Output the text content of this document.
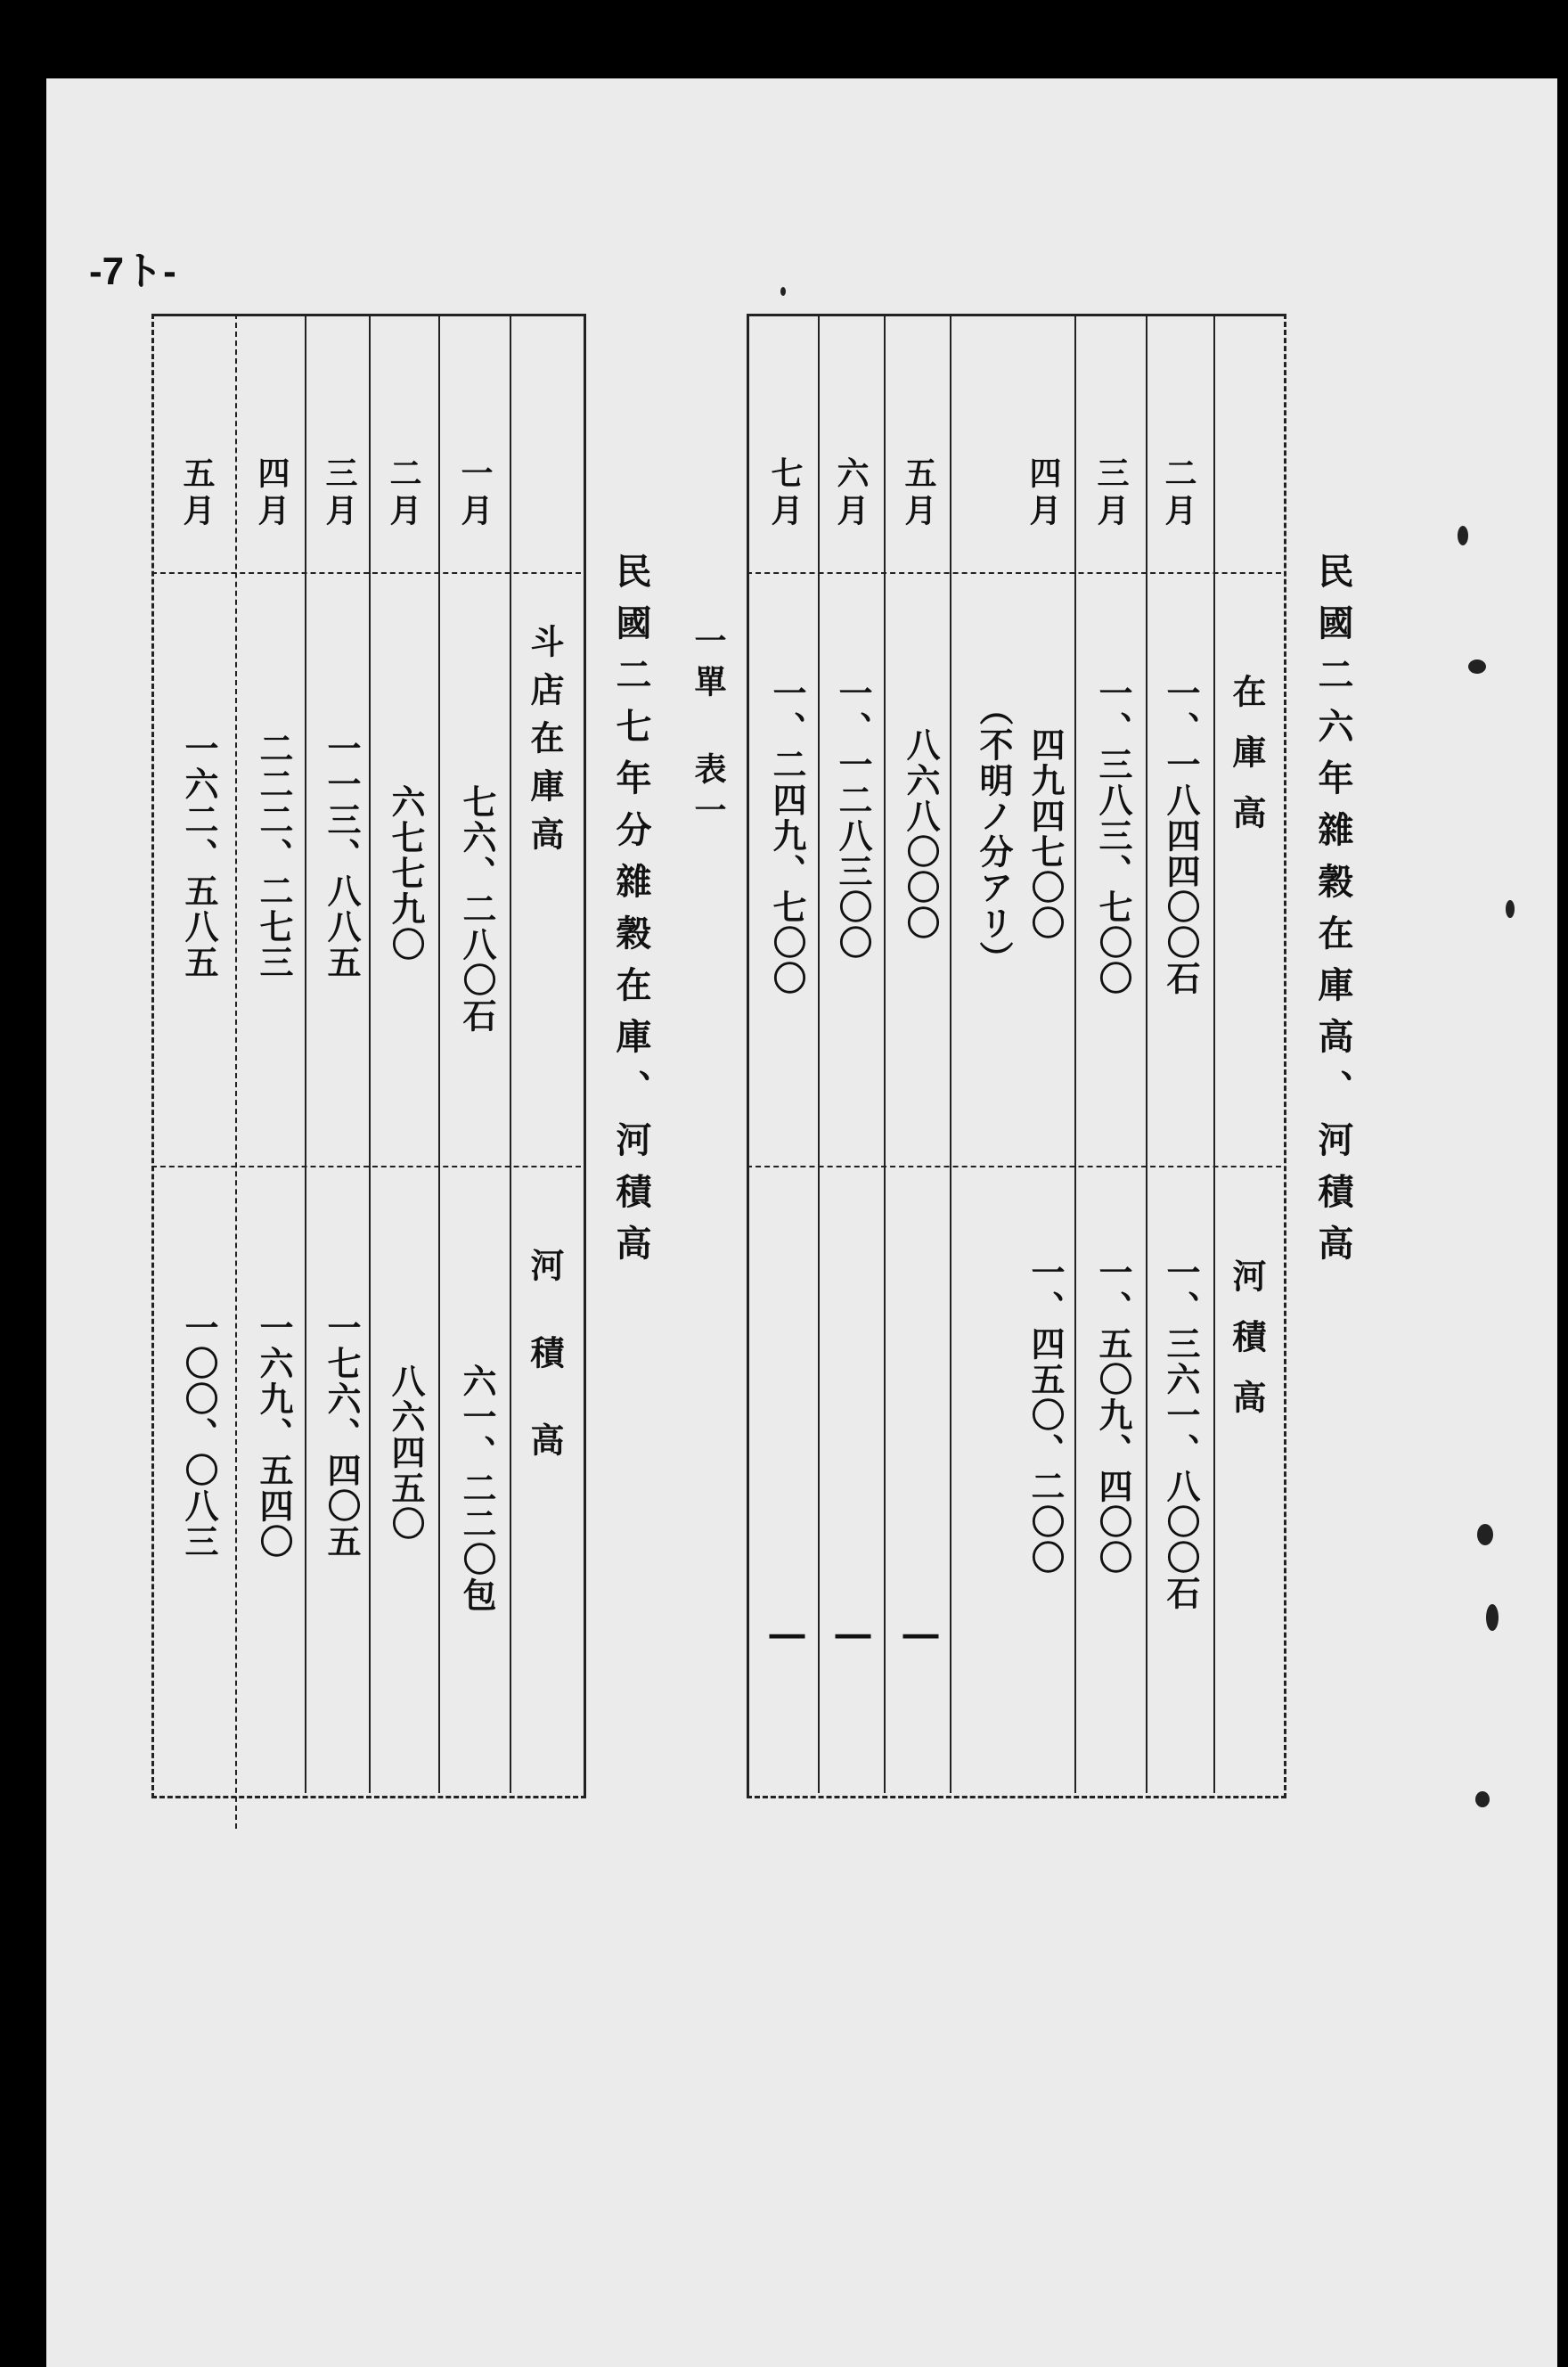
-7ト-
民國二六年雜穀在庫高、河積高
在庫高
河積高
二月
三月
四月
五月
六月
七月
一、一八四四〇〇石
一、三八三、七〇〇
（不明ノ分アリ） 四九四七〇〇
八六八〇〇〇
一、一二八三〇〇
一、二四九、七〇〇
一、三六一、八〇〇石
一、五〇九、四〇〇
一、四五〇、二〇〇
―
―
―
一單 表一
民國二七年分雜穀在庫、河積高
斗店在庫高
河積高
一月
二月
三月
四月
五月
七六、二八〇石
六七七九〇
一一三、八八五
二二二、二七三
一六二、五八五
六一、二二〇包
八六四五〇
一七六、四〇五
一六九、五四〇
一〇〇、〇八三
